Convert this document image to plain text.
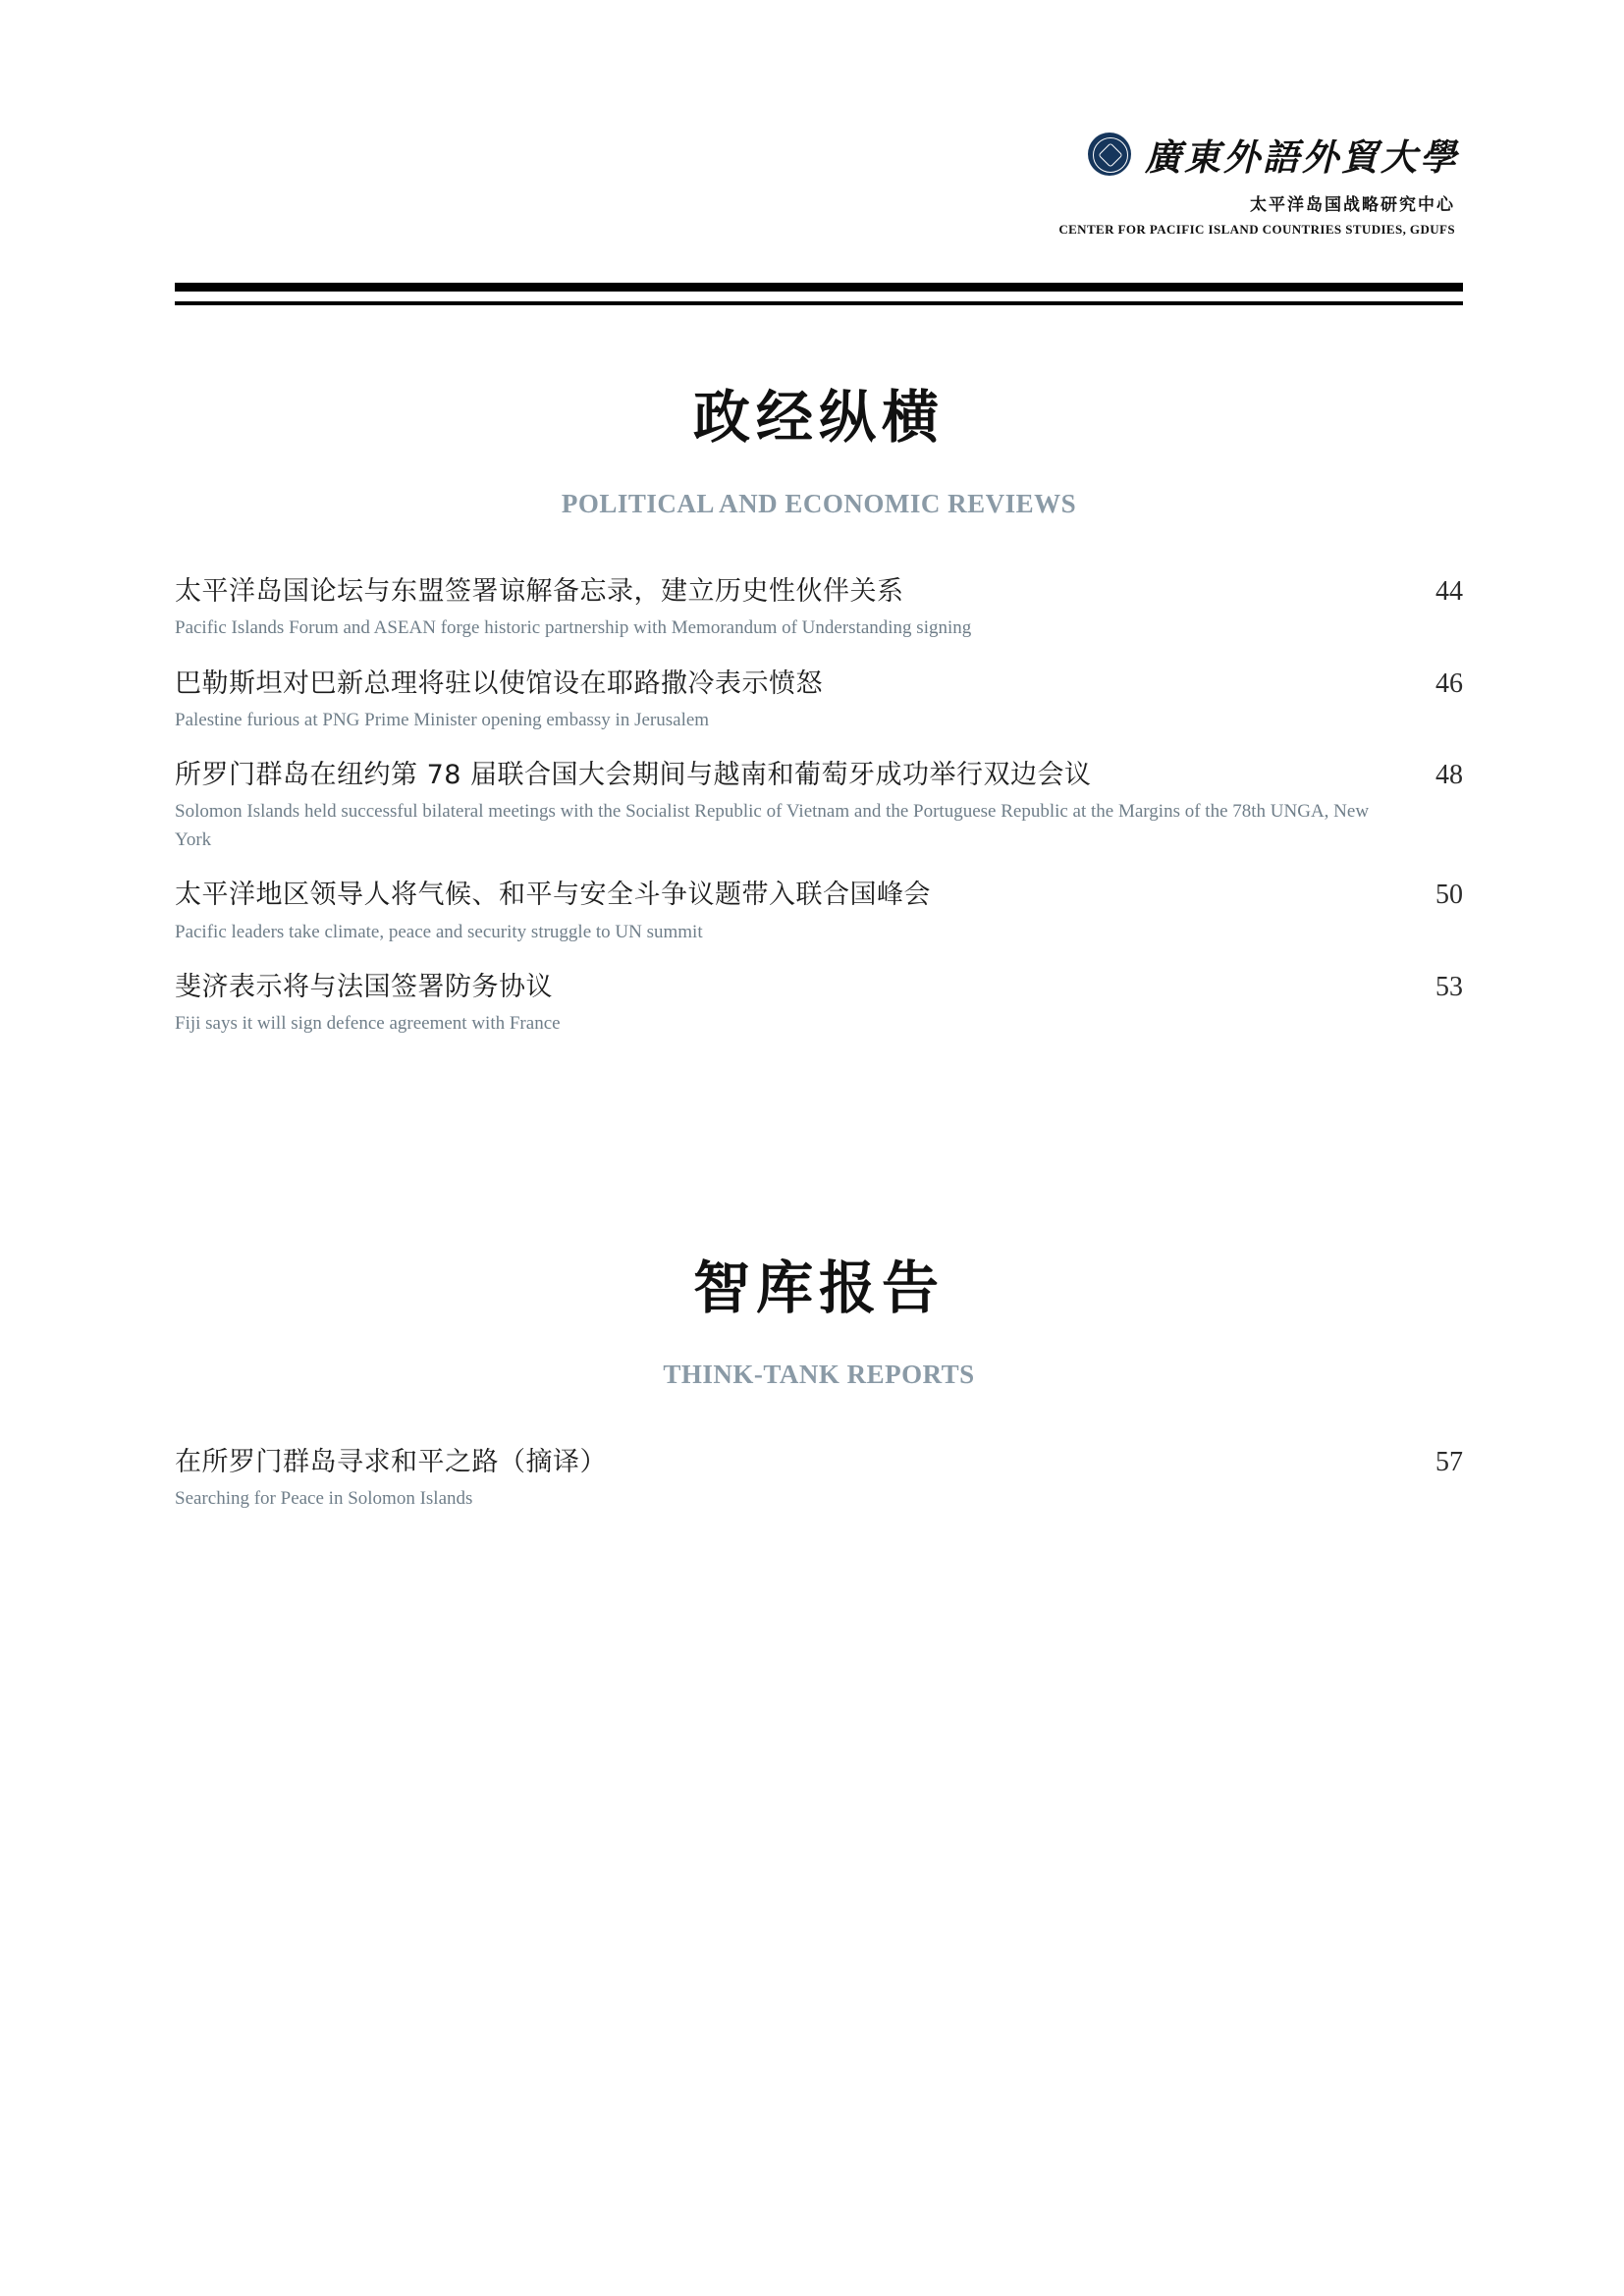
廣東外語外貿大學
太平洋岛国战略研究中心
CENTER FOR PACIFIC ISLAND COUNTRIES STUDIES, GDUFS
政经纵横
POLITICAL AND ECONOMIC REVIEWS
太平洋岛国论坛与东盟签署谅解备忘录，建立历史性伙伴关系	44
Pacific Islands Forum and ASEAN forge historic partnership with Memorandum of Understanding signing
巴勒斯坦对巴新总理将驻以使馆设在耶路撒冷表示愤怒	46
Palestine furious at PNG Prime Minister opening embassy in Jerusalem
所罗门群岛在纽约第 78 届联合国大会期间与越南和葡萄牙成功举行双边会议	48
Solomon Islands held successful bilateral meetings with the Socialist Republic of Vietnam and the Portuguese Republic at the Margins of the 78th UNGA, New York
太平洋地区领导人将气候、和平与安全斗争议题带入联合国峰会	50
Pacific leaders take climate, peace and security struggle to UN summit
斐济表示将与法国签署防务协议	53
Fiji says it will sign defence agreement with France
智库报告
THINK-TANK REPORTS
在所罗门群岛寻求和平之路（摘译）	57
Searching for Peace in Solomon Islands
